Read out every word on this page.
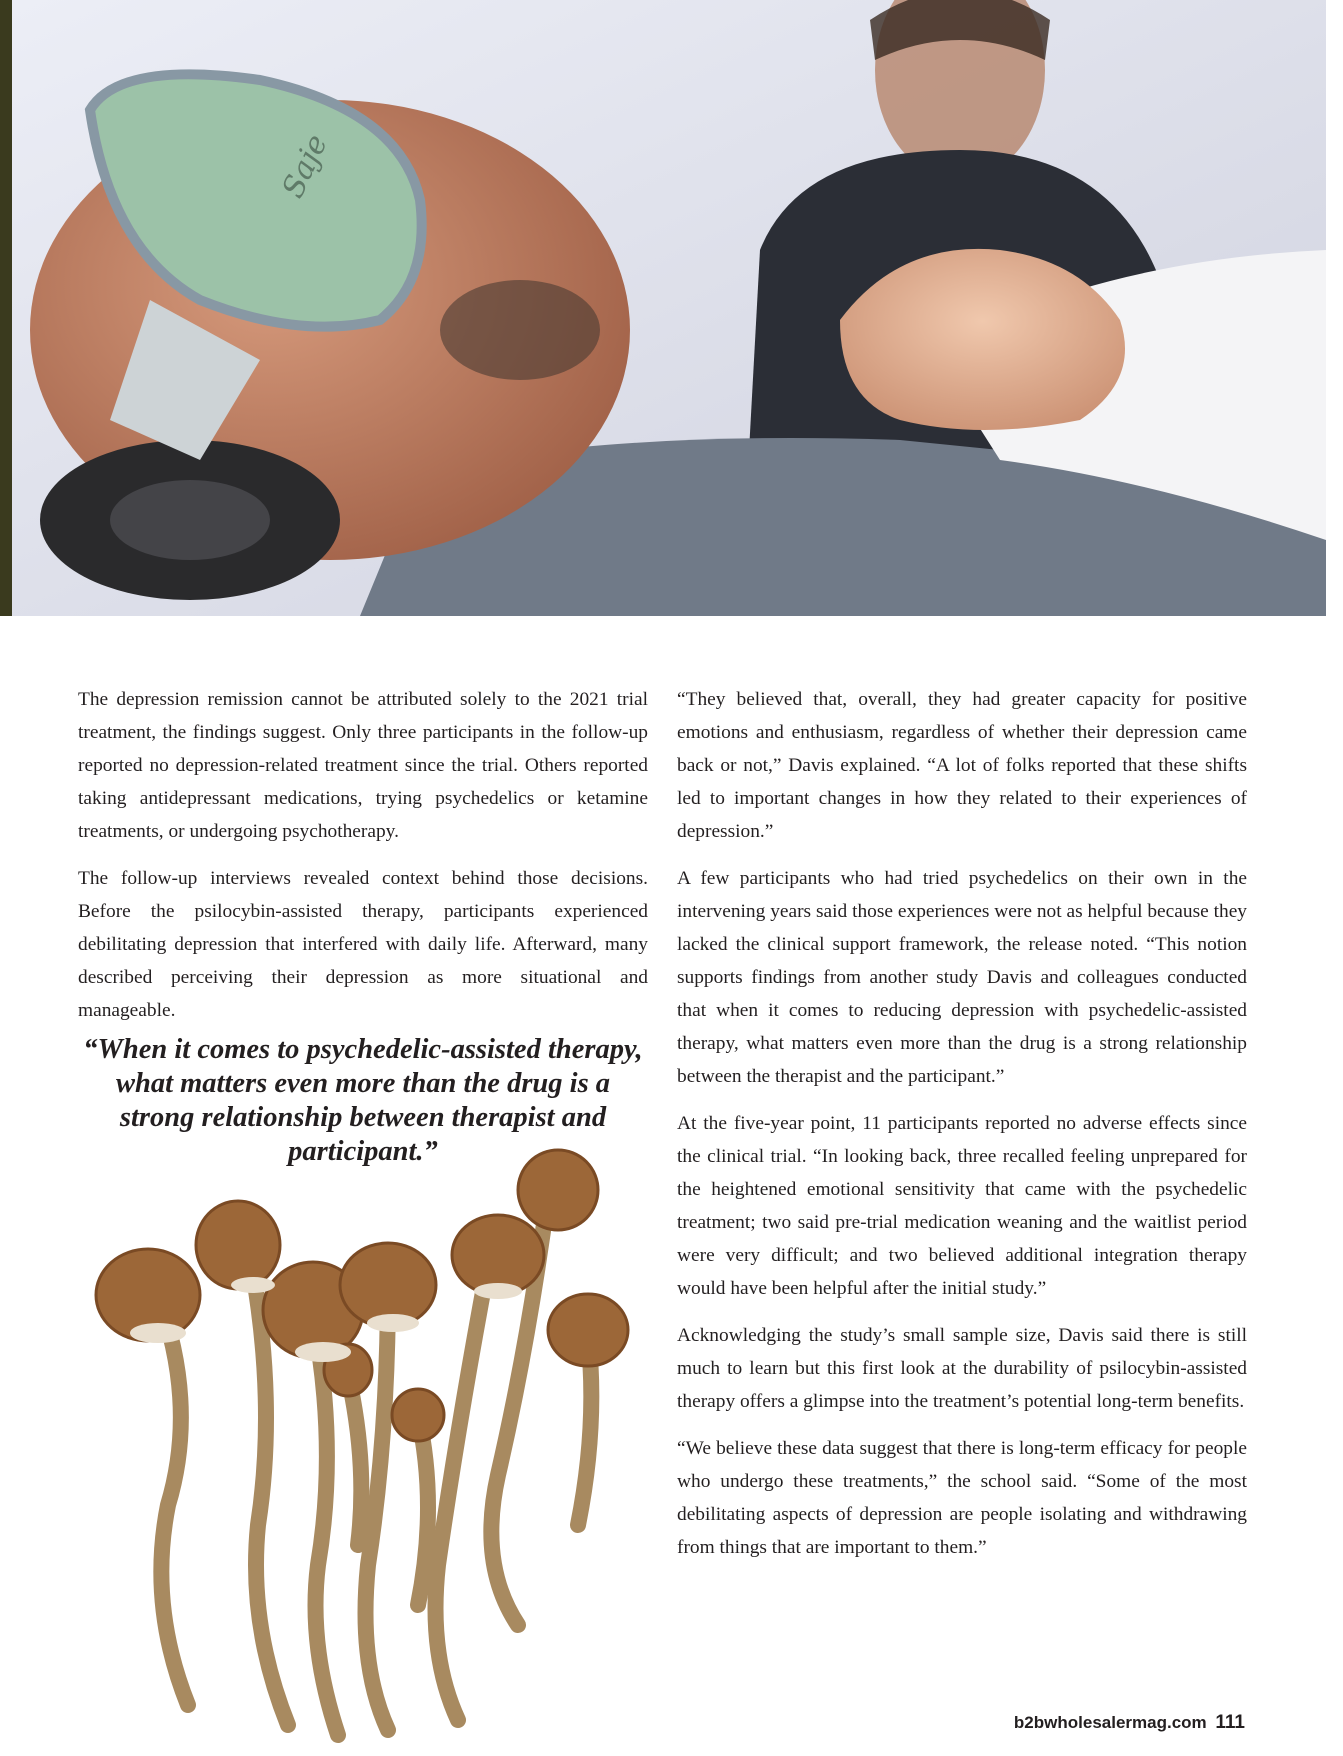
Saje

The depression remission cannot be attributed solely to the 2021 trial treatment, the findings suggest. Only three participants in the follow-up reported no depression-related treatment since the trial. Others reported taking antidepressant medications, trying psychedelics or ketamine treatments, or undergoing psychotherapy.

The follow-up interviews revealed context behind those decisions. Before the psilocybin-assisted therapy, participants experienced debilitating depression that interfered with daily life. Afterward, many described perceiving their depression as more situational and manageable.

“When it comes to psychedelic-assisted therapy, what matters even more than the drug is a strong relationship between therapist and participant.”

“They believed that, overall, they had greater capacity for positive emotions and enthusiasm, regardless of whether their depression came back or not,” Davis explained. “A lot of folks reported that these shifts led to important changes in how they related to their experiences of depression.”

A few participants who had tried psychedelics on their own in the intervening years said those experiences were not as helpful because they lacked the clinical support framework, the release noted. “This notion supports findings from another study Davis and colleagues conducted that when it comes to reducing depression with psychedelic-assisted therapy, what matters even more than the drug is a strong relationship between the therapist and the participant.”

At the five-year point, 11 participants reported no adverse effects since the clinical trial. “In looking back, three recalled feeling unprepared for the heightened emotional sensitivity that came with the psychedelic treatment; two said pre-trial medication weaning and the waitlist period were very difficult; and two believed additional integration therapy would have been helpful after the initial study.”

Acknowledging the study’s small sample size, Davis said there is still much to learn but this first look at the durability of psilocybin-assisted therapy offers a glimpse into the treatment’s potential long-term benefits.

“We believe these data suggest that there is long-term efficacy for people who undergo these treatments,” the school said. “Some of the most debilitating aspects of depression are people isolating and withdrawing from things that are important to them.”

b2bwholesalermag.com 111
